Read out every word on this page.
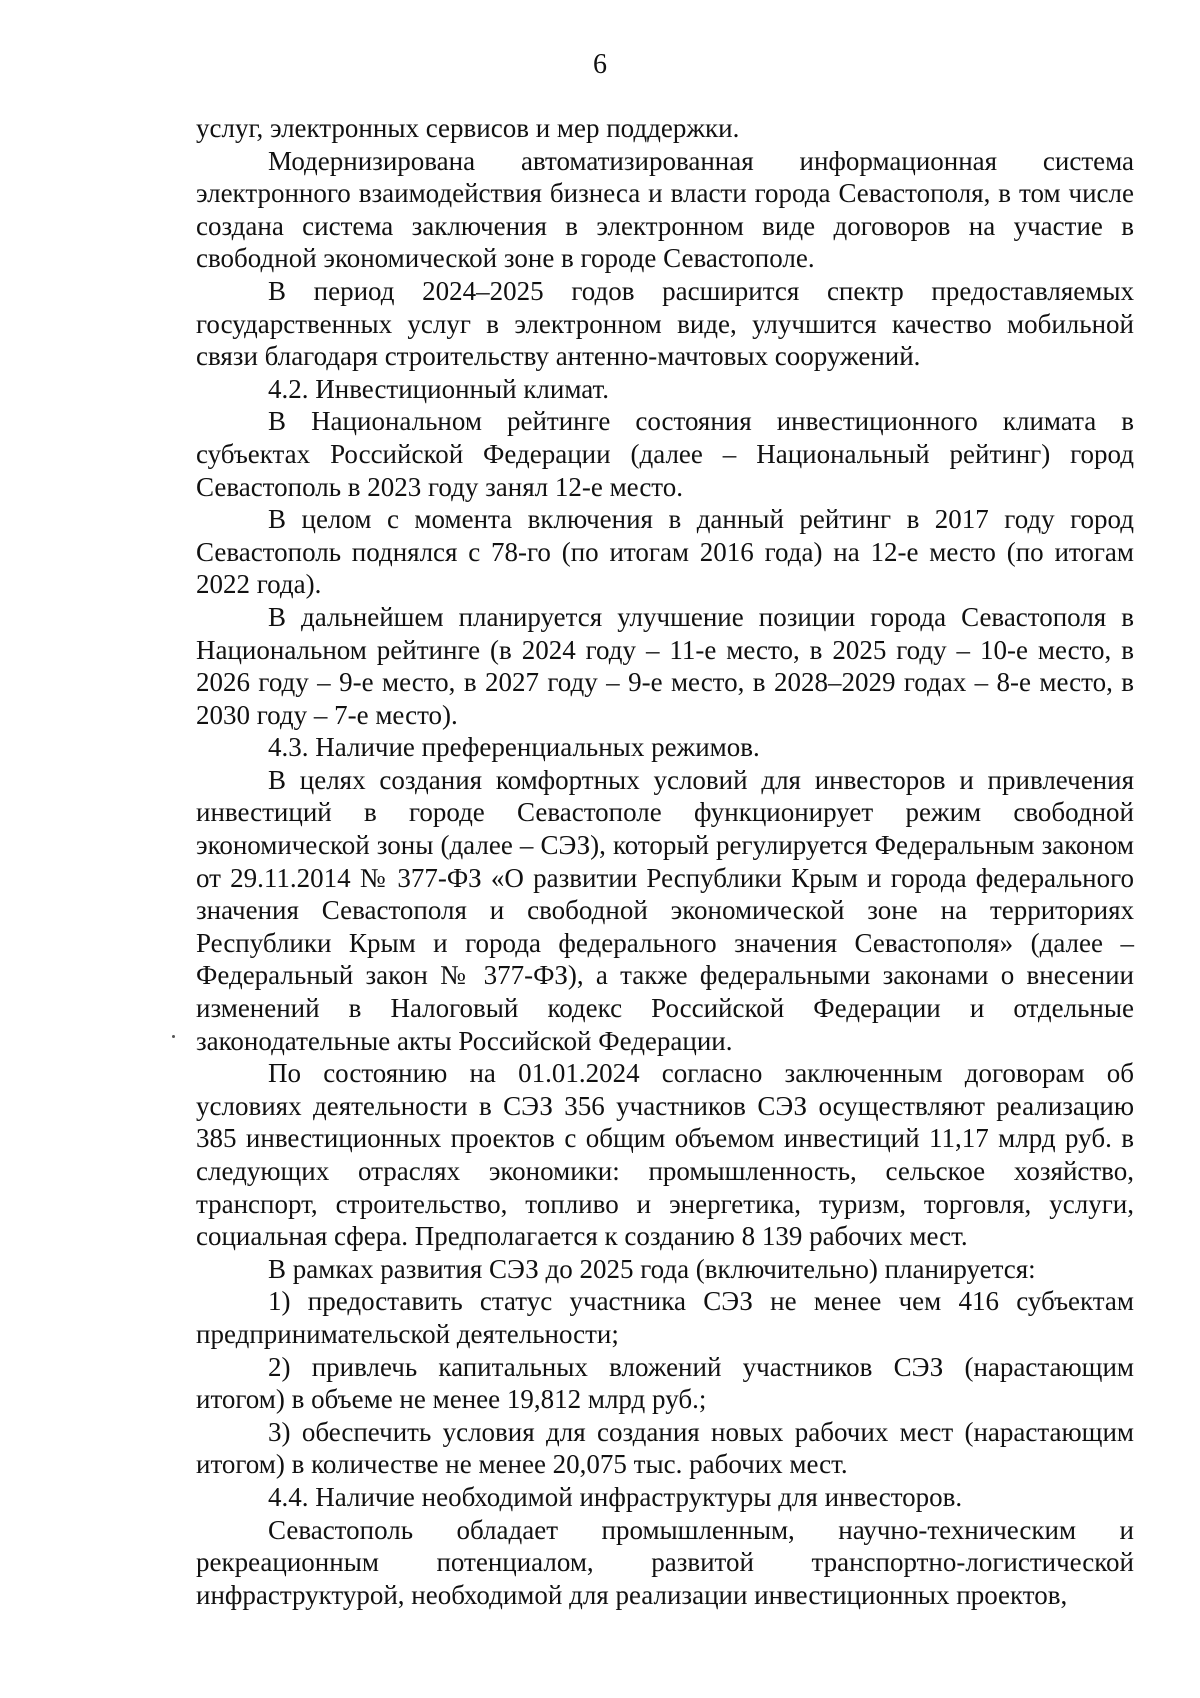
6

услуг, электронных сервисов и мер поддержки.

Модернизирована автоматизированная информационная система электронного взаимодействия бизнеса и власти города Севастополя, в том числе создана система заключения в электронном виде договоров на участие в свободной экономической зоне в городе Севастополе.

В период 2024–2025 годов расширится спектр предоставляемых государственных услуг в электронном виде, улучшится качество мобильной связи благодаря строительству антенно-мачтовых сооружений.

4.2. Инвестиционный климат.

В Национальном рейтинге состояния инвестиционного климата в субъектах Российской Федерации (далее – Национальный рейтинг) город Севастополь в 2023 году занял 12-е место.

В целом с момента включения в данный рейтинг в 2017 году город Севастополь поднялся с 78-го (по итогам 2016 года) на 12-е место (по итогам 2022 года).

В дальнейшем планируется улучшение позиции города Севастополя в Национальном рейтинге (в 2024 году – 11-е место, в 2025 году – 10-е место, в 2026 году – 9-е место, в 2027 году – 9-е место, в 2028–2029 годах – 8-е место, в 2030 году – 7-е место).

4.3. Наличие преференциальных режимов.

В целях создания комфортных условий для инвесторов и привлечения инвестиций в городе Севастополе функционирует режим свободной экономической зоны (далее – СЭЗ), который регулируется Федеральным законом от 29.11.2014 № 377-ФЗ «О развитии Республики Крым и города федерального значения Севастополя и свободной экономической зоне на территориях Республики Крым и города федерального значения Севастополя» (далее – Федеральный закон № 377-ФЗ), а также федеральными законами о внесении изменений в Налоговый кодекс Российской Федерации и отдельные законодательные акты Российской Федерации.

По состоянию на 01.01.2024 согласно заключенным договорам об условиях деятельности в СЭЗ 356 участников СЭЗ осуществляют реализацию 385 инвестиционных проектов с общим объемом инвестиций 11,17 млрд руб. в следующих отраслях экономики: промышленность, сельское хозяйство, транспорт, строительство, топливо и энергетика, туризм, торговля, услуги, социальная сфера. Предполагается к созданию 8 139 рабочих мест.

В рамках развития СЭЗ до 2025 года (включительно) планируется:

1) предоставить статус участника СЭЗ не менее чем 416 субъектам предпринимательской деятельности;

2) привлечь капитальных вложений участников СЭЗ (нарастающим итогом) в объеме не менее 19,812 млрд руб.;

3) обеспечить условия для создания новых рабочих мест (нарастающим итогом) в количестве не менее 20,075 тыс. рабочих мест.

4.4. Наличие необходимой инфраструктуры для инвесторов.

Севастополь обладает промышленным, научно-техническим и рекреационным потенциалом, развитой транспортно-логистической инфраструктурой, необходимой для реализации инвестиционных проектов,
